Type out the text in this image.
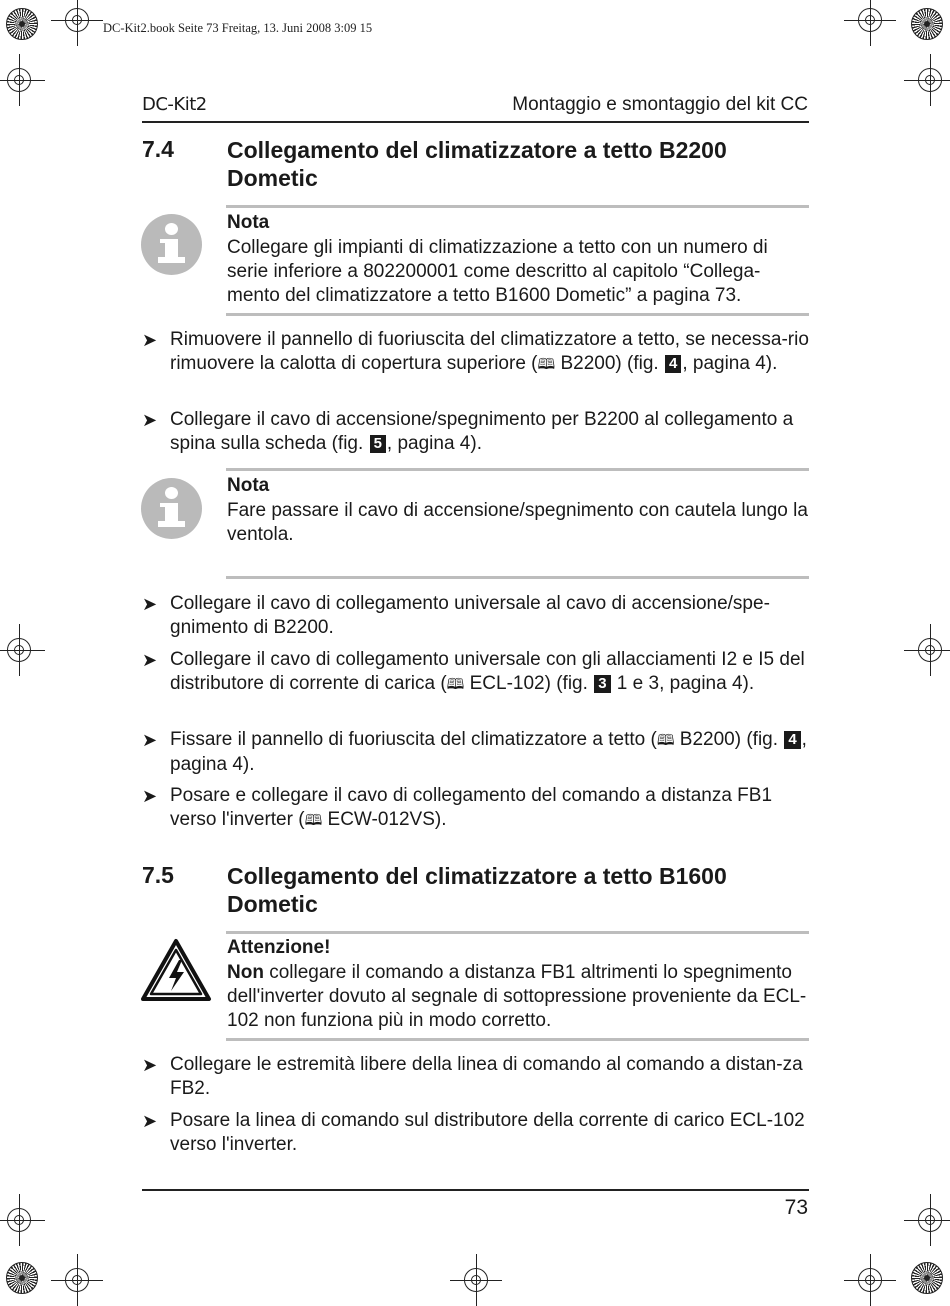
DC-Kit2.book Seite 73 Freitag, 13. Juni 2008 3:09 15
DC-Kit2	Montaggio e smontaggio del kit CC
7.4 Collegamento del climatizzatore a tetto B2200 Dometic
Nota
Collegare gli impianti di climatizzazione a tetto con un numero di serie inferiore a 802200001 come descritto al capitolo “Collega-mento del climatizzatore a tetto B1600 Dometic” a pagina 73.
➤ Rimuovere il pannello di fuoriuscita del climatizzatore a tetto, se necessa-rio rimuovere la calotta di copertura superiore (🕮 B2200) (fig. 4 , pagina 4).
➤ Collegare il cavo di accensione/spegnimento per B2200 al collegamento a spina sulla scheda (fig. 5 , pagina 4).
Nota
Fare passare il cavo di accensione/spegnimento con cautela lungo la ventola.
➤ Collegare il cavo di collegamento universale al cavo di accensione/spe-gnimento di B2200.
➤ Collegare il cavo di collegamento universale con gli allacciamenti I2 e I5 del distributore di corrente di carica (🕮 ECL-102) (fig. 3 1 e 3, pagina 4).
➤ Fissare il pannello di fuoriuscita del climatizzatore a tetto (🕮 B2200) (fig. 4 , pagina 4).
➤ Posare e collegare il cavo di collegamento del comando a distanza FB1 verso l'inverter (🕮 ECW-012VS).
7.5 Collegamento del climatizzatore a tetto B1600 Dometic
Attenzione!
Non collegare il comando a distanza FB1 altrimenti lo spegnimento dell'inverter dovuto al segnale di sottopressione proveniente da ECL-102 non funziona più in modo corretto.
➤ Collegare le estremità libere della linea di comando al comando a distan-za FB2.
➤ Posare la linea di comando sul distributore della corrente di carico ECL-102 verso l'inverter.
73
